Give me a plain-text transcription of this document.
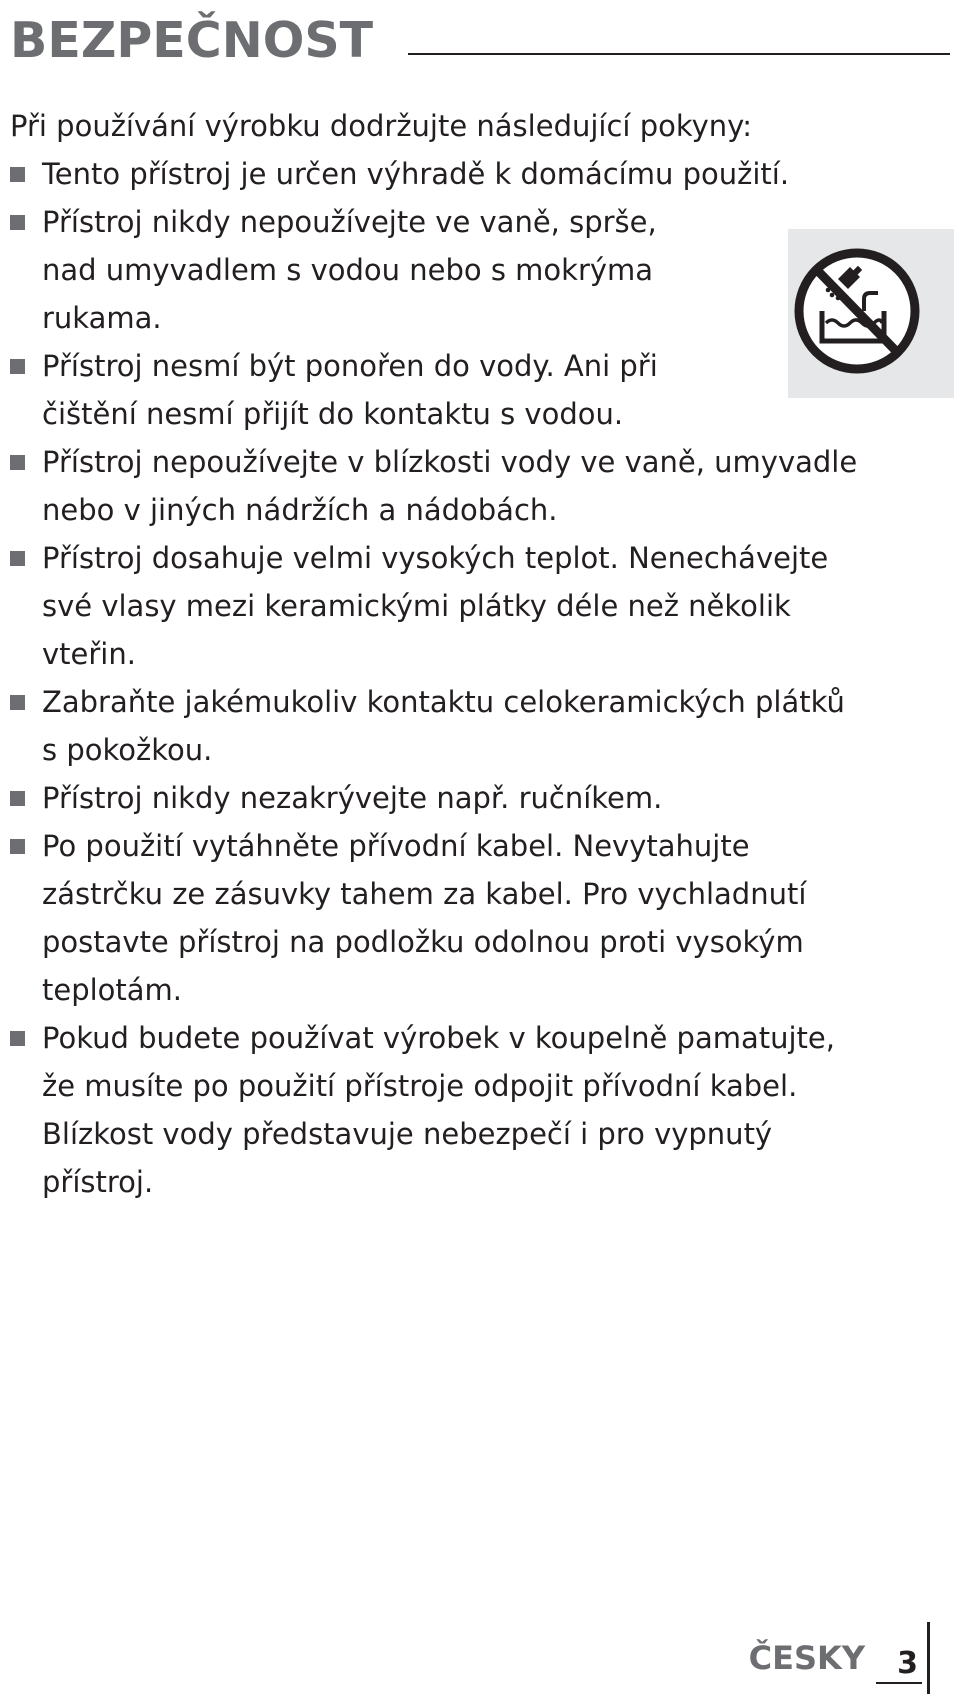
BEZPEČNOST
Při používání výrobku dodržujte následující pokyny:
Tento přístroj je určen výhradě k domácímu použití.
Přístroj nikdy nepoužívejte ve vaně, sprše,
nad umyvadlem s vodou nebo s mokrýma
rukama.
Přístroj nesmí být ponořen do vody. Ani při
čištění nesmí přijít do kontaktu s vodou.
Přístroj nepoužívejte v blízkosti vody ve vaně, umyvadle
nebo v jiných nádržích a nádobách.
Přístroj dosahuje velmi vysokých teplot. Nenechávejte
své vlasy mezi keramickými plátky déle než několik
vteřin.
Zabraňte jakémukoliv kontaktu celokeramických plátků
s pokožkou.
Přístroj nikdy nezakrývejte např. ručníkem.
Po použití vytáhněte přívodní kabel. Nevytahujte
zástrčku ze zásuvky tahem za kabel. Pro vychladnutí
postavte přístroj na podložku odolnou proti vysokým
teplotám.
Pokud budete používat výrobek v koupelně pamatujte,
že musíte po použití přístroje odpojit přívodní kabel.
Blízkost vody představuje nebezpečí i pro vypnutý
přístroj.
ČESKY 3
